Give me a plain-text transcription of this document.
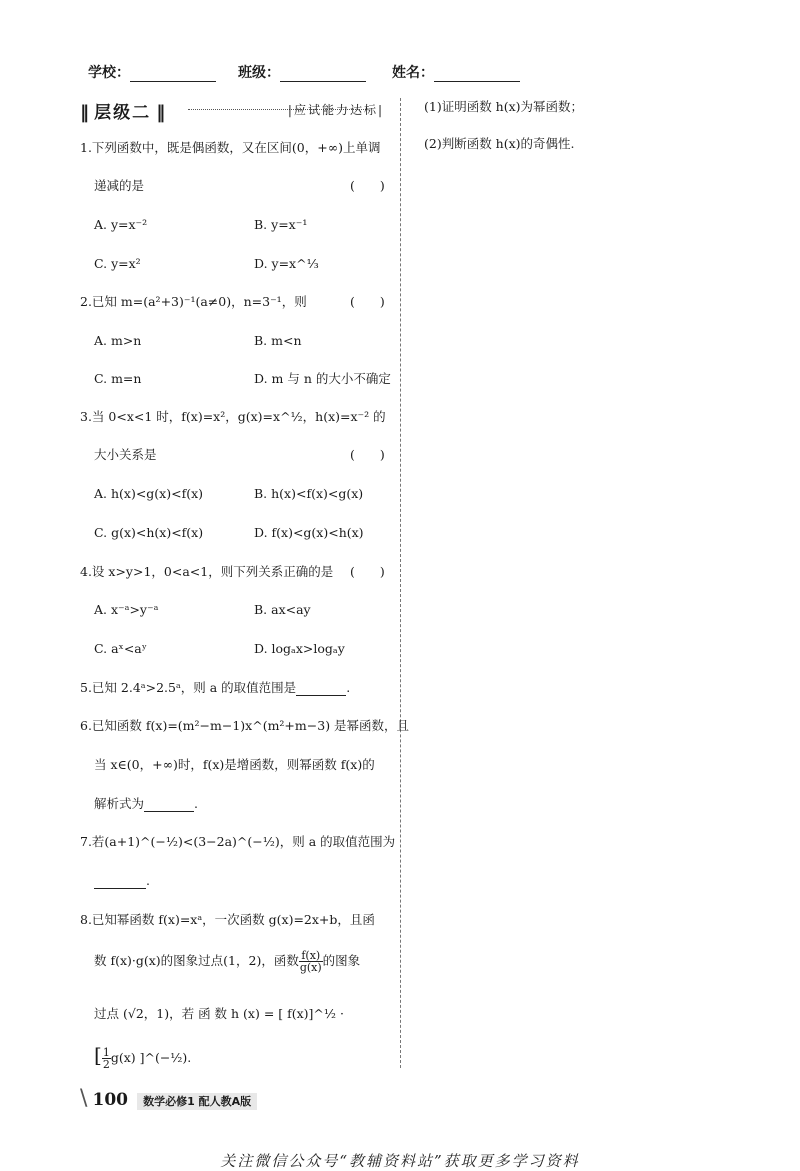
学校：	班级：	姓名：
‖ 层级二 ‖	|应试能力达标|	(1)证明函数 h(x)为幂函数；
(2)判断函数 h(x)的奇偶性.
1.下列函数中，既是偶函数，又在区间(0，+∞)上单调
递减的是	(　　)
A. y=x⁻²	B. y=x⁻¹
C. y=x²	D. y=x^⅓
2.已知 m=(a²+3)⁻¹(a≠0)，n=3⁻¹，则	(　　)
A. m>n	B. m<n
C. m=n	D. m 与 n 的大小不确定
3.当 0<x<1 时，f(x)=x²，g(x)=x^½，h(x)=x⁻² 的
大小关系是	(　　)
A. h(x)<g(x)<f(x)	B. h(x)<f(x)<g(x)
C. g(x)<h(x)<f(x)	D. f(x)<g(x)<h(x)
4.设 x>y>1，0<a<1，则下列关系正确的是 (　　)
A. x⁻ᵃ>y⁻ᵃ	B. ax<ay
C. aˣ<aʸ	D. logₐx>logₐy
5.已知 2.4ᵃ>2.5ᵃ，则 a 的取值范围是	.
6.已知函数 f(x)=(m²−m−1)x^(m²+m−3) 是幂函数，且
当 x∈(0，+∞)时，f(x)是增函数，则幂函数 f(x)的
解析式为	.
7.若(a+1)^(−½)<(3−2a)^(−½)，则 a 的取值范围为
.
8.已知幂函数 f(x)=xᵃ，一次函数 g(x)=2x+b，且函
数 f(x)·g(x)的图象过点(1，2)，函数 $\frac{f(x)}{g(x)}$ 的图象
过点 (√2，1)，若 函 数 h (x) = [ f(x)]^½ ·
[ $\frac{1}{2} g(x)$ ]^(−½).
\ 100 数学必修1 配人教A版
关注微信公众号“教辅资料站”获取更多学习资料
